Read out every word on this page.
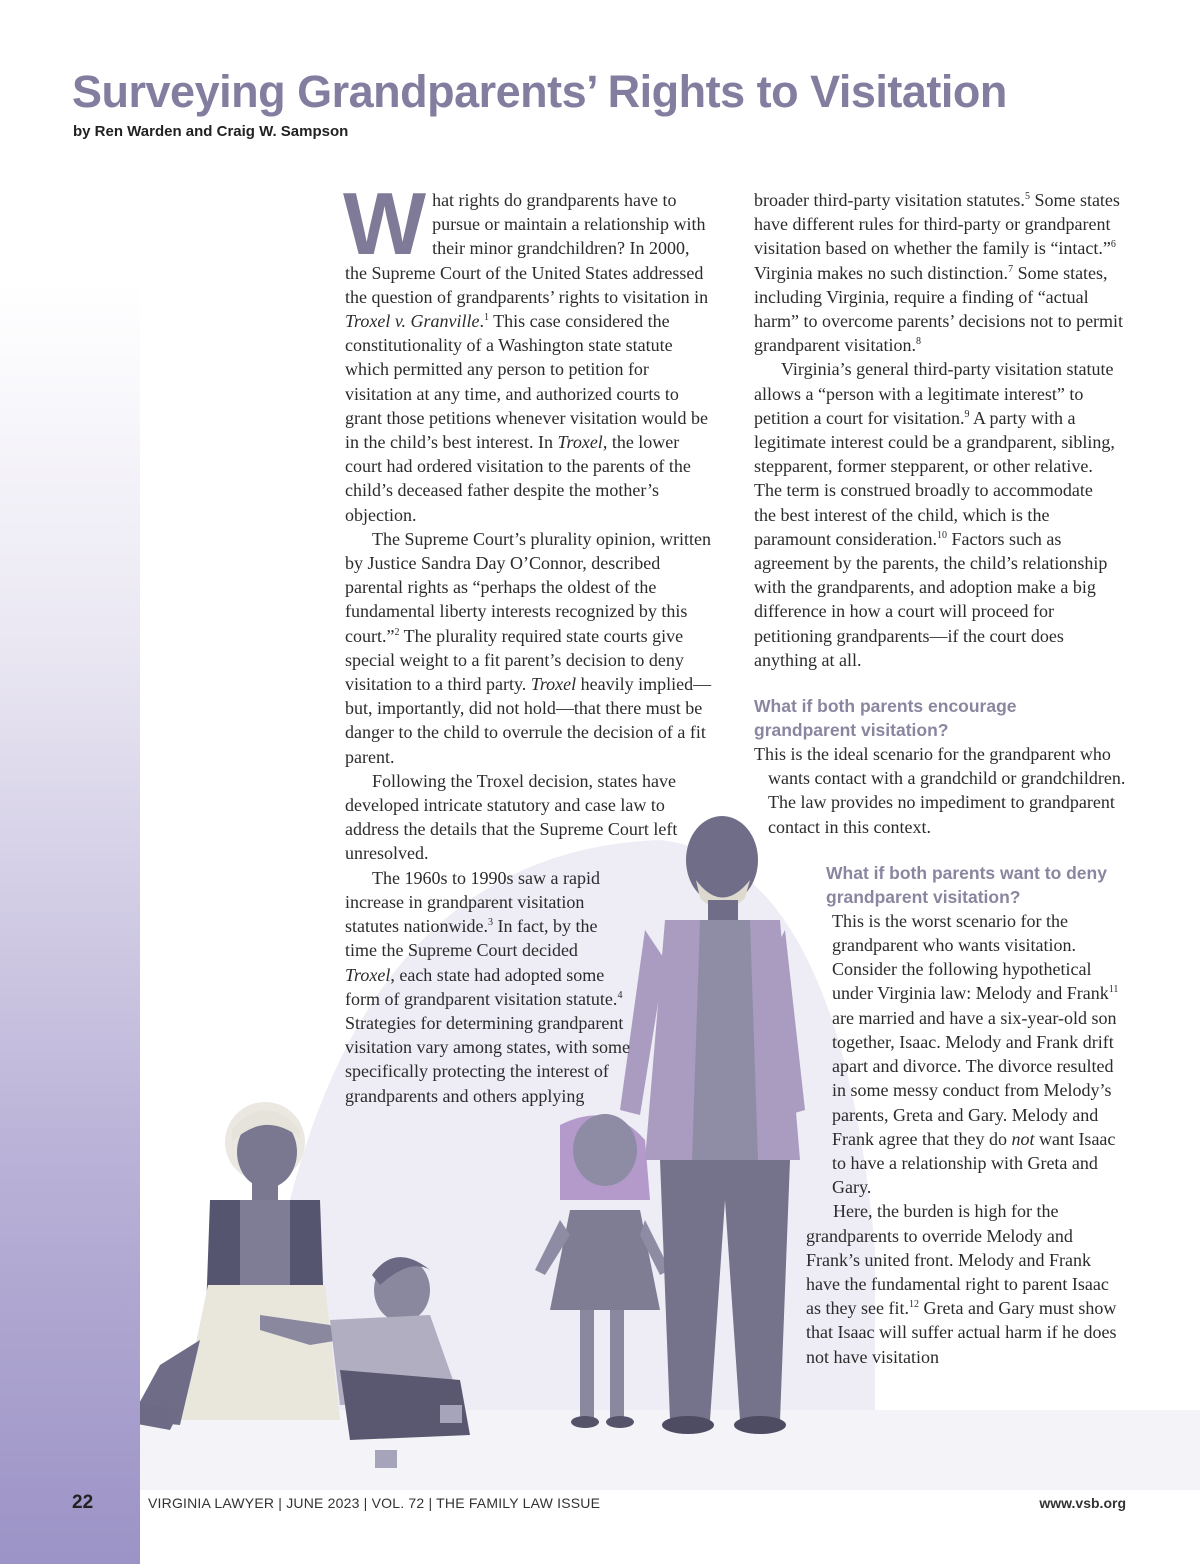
Surveying Grandparents’ Rights to Visitation
by Ren Warden and Craig W. Sampson

What rights do grandparents have to pursue or maintain a relationship with their minor grandchildren? In 2000, the Supreme Court of the United States addressed the question of grandparents’ rights to visitation in Troxel v. Granville.$^1$ This case considered the constitutionality of a Washington state statute which permitted any person to petition for visitation at any time, and authorized courts to grant those petitions whenever visitation would be in the child’s best interest. In Troxel, the lower court had ordered visitation to the parents of the child’s deceased father despite the mother’s objection.

The Supreme Court’s plurality opinion, written by Justice Sandra Day O’Connor, described parental rights as “perhaps the oldest of the fundamental liberty interests recognized by this court.”$^2$ The plurality required state courts give special weight to a fit parent’s decision to deny visitation to a third party. Troxel heavily implied—but, importantly, did not hold—that there must be danger to the child to overrule the decision of a fit parent.

Following the Troxel decision, states have developed intricate statutory and case law to address the details that the Supreme Court left unresolved.

The 1960s to 1990s saw a rapid increase in grandparent visitation statutes nationwide.$^3$ In fact, by the time the Supreme Court decided Troxel, each state had adopted some form of grandparent visitation statute.$^4$ Strategies for determining grandparent visitation vary among states, with some specifically protecting the interest of grandparents and others applying

broader third-party visitation statutes.$^5$ Some states have different rules for third-party or grandparent visitation based on whether the family is “intact.”$^6$ Virginia makes no such distinction.$^7$ Some states, including Virginia, require a finding of “actual harm” to overcome parents’ decisions not to permit grandparent visitation.$^8$

Virginia’s general third-party visitation statute allows a “person with a legitimate interest” to petition a court for visitation.$^9$ A party with a legitimate interest could be a grandparent, sibling, stepparent, former stepparent, or other relative. The term is construed broadly to accommodate the best interest of the child, which is the paramount consideration.$^{10}$ Factors such as agreement by the parents, the child’s relationship with the grandparents, and adoption make a big difference in how a court will proceed for petitioning grandparents—if the court does anything at all.

What if both parents encourage grandparent visitation?

This is the ideal scenario for the grandparent who wants contact with a grandchild or grandchildren. The law provides no impediment to grandparent contact in this context.

What if both parents want to deny grandparent visitation?

This is the worst scenario for the grandparent who wants visitation. Consider the following hypothetical under Virginia law: Melody and Frank$^{11}$ are married and have a six-year-old son together, Isaac. Melody and Frank drift apart and divorce. The divorce resulted in some messy conduct from Melody’s parents, Greta and Gary. Melody and Frank agree that they do not want Isaac to have a relationship with Greta and Gary.

Here, the burden is high for the grandparents to override Melody and Frank’s united front. Melody and Frank have the fundamental right to parent Isaac as they see fit.$^{12}$ Greta and Gary must show that Isaac will suffer actual harm if he does not have visitation

22	VIRGINIA LAWYER | JUNE 2023 | VOL. 72 | THE FAMILY LAW ISSUE	www.vsb.org
